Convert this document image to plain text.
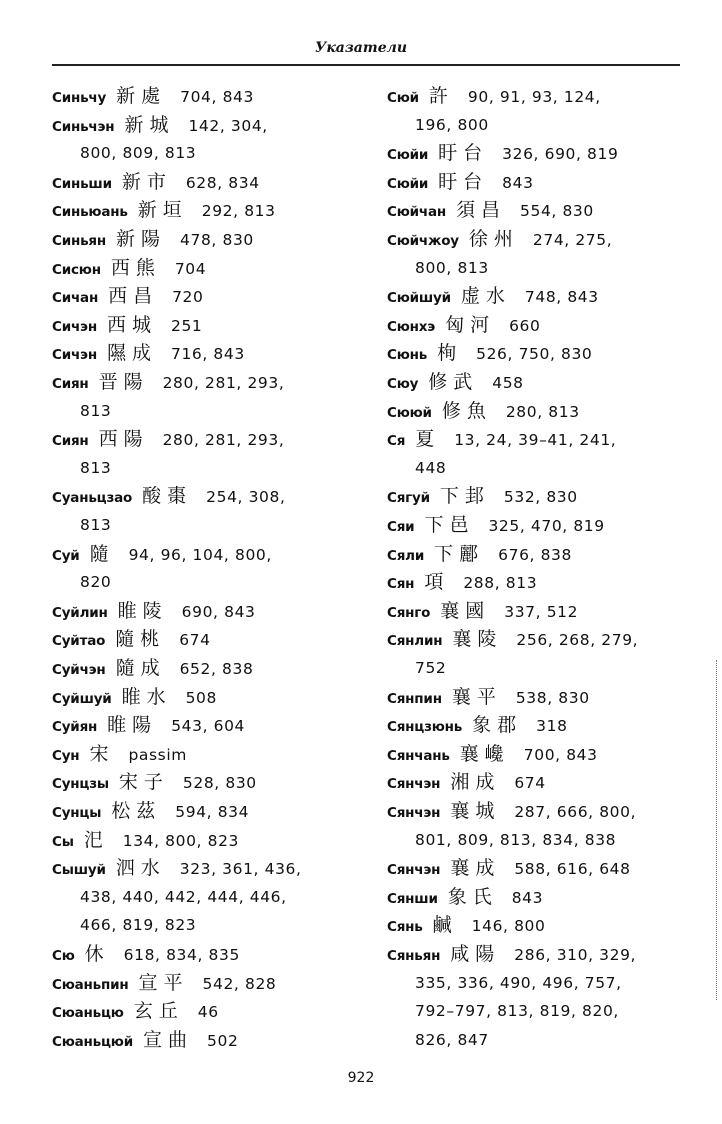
Указатели
Синьчу 新處 704, 843
Синьчэн 新城 142, 304,
800, 809, 813
Синьши 新市 628, 834
Синьюань 新垣 292, 813
Синьян 新陽 478, 830
Сисюн 西熊 704
Сичан 西昌 720
Сичэн 西城 251
Сичэн 隰成 716, 843
Сиян 晋陽 280, 281, 293,
813
Сиян 西陽 280, 281, 293,
813
Суаньцзао 酸棗 254, 308,
813
Суй 隨 94, 96, 104, 800,
820
Суйлин 睢陵 690, 843
Суйтао 隨桃 674
Суйчэн 隨成 652, 838
Суйшуй 睢水 508
Суйян 睢陽 543, 604
Сун 宋 passim
Сунцзы 宋子 528, 830
Сунцы 松茲 594, 834
Сы 汜 134, 800, 823
Сышуй 泗水 323, 361, 436,
438, 440, 442, 444, 446,
466, 819, 823
Сю 休 618, 834, 835
Сюаньпин 宣平 542, 828
Сюаньцю 玄丘 46
Сюаньцюй 宣曲 502
Сюй 許 90, 91, 93, 124,
196, 800
Сюйи 盱台 326, 690, 819
Сюйи 盱台 843
Сюйчан 須昌 554, 830
Сюйчжоу 徐州 274, 275,
800, 813
Сюйшуй 虚水 748, 843
Сюнхэ 匈河 660
Сюнь 栒 526, 750, 830
Сюу 修武 458
Сююй 修魚 280, 813
Ся 夏 13, 24, 39–41, 241,
448
Сягуй 下邽 532, 830
Сяи 下邑 325, 470, 819
Сяли 下酈 676, 838
Сян 項 288, 813
Сянго 襄國 337, 512
Сянлин 襄陵 256, 268, 279,
752
Сянпин 襄平 538, 830
Сянцзюнь 象郡 318
Сянчань 襄巉 700, 843
Сянчэн 湘成 674
Сянчэн 襄城 287, 666, 800,
801, 809, 813, 834, 838
Сянчэн 襄成 588, 616, 648
Сянши 象氏 843
Сянь 鹹 146, 800
Сяньян 咸陽 286, 310, 329,
335, 336, 490, 496, 757,
792–797, 813, 819, 820,
826, 847
922
